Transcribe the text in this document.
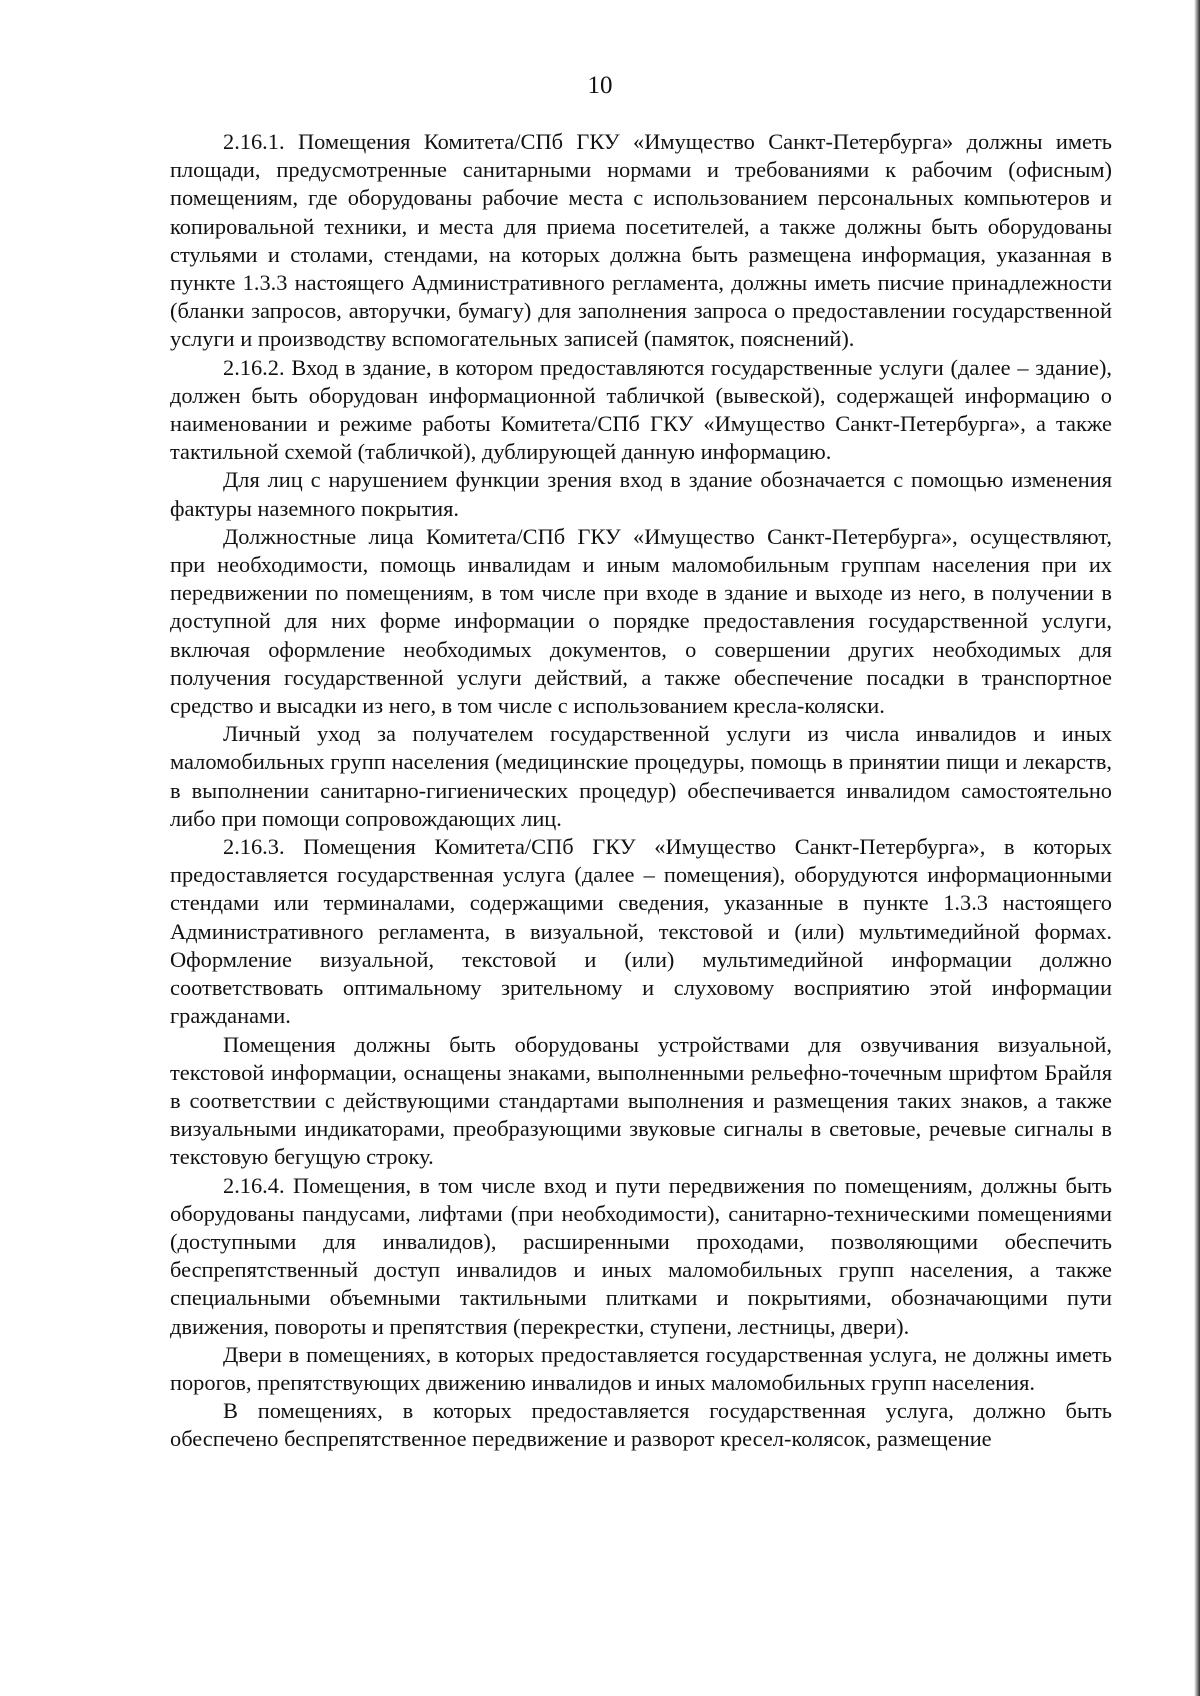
10

2.16.1. Помещения Комитета/СПб ГКУ «Имущество Санкт-Петербурга» должны иметь площади, предусмотренные санитарными нормами и требованиями к рабочим (офисным) помещениям, где оборудованы рабочие места с использованием персональных компьютеров и копировальной техники, и места для приема посетителей, а также должны быть оборудованы стульями и столами, стендами, на которых должна быть размещена информация, указанная в пункте 1.3.3 настоящего Административного регламента, должны иметь писчие принадлежности (бланки запросов, авторучки, бумагу) для заполнения запроса о предоставлении государственной услуги и производству вспомогательных записей (памяток, пояснений).

2.16.2. Вход в здание, в котором предоставляются государственные услуги (далее – здание), должен быть оборудован информационной табличкой (вывеской), содержащей информацию о наименовании и режиме работы Комитета/СПб ГКУ «Имущество Санкт-Петербурга», а также тактильной схемой (табличкой), дублирующей данную информацию.

Для лиц с нарушением функции зрения вход в здание обозначается с помощью изменения фактуры наземного покрытия.

Должностные лица Комитета/СПб ГКУ «Имущество Санкт-Петербурга», осуществляют, при необходимости, помощь инвалидам и иным маломобильным группам населения при их передвижении по помещениям, в том числе при входе в здание и выходе из него, в получении в доступной для них форме информации о порядке предоставления государственной услуги, включая оформление необходимых документов, о совершении других необходимых для получения государственной услуги действий, а также обеспечение посадки в транспортное средство и высадки из него, в том числе с использованием кресла-коляски.

Личный уход за получателем государственной услуги из числа инвалидов и иных маломобильных групп населения (медицинские процедуры, помощь в принятии пищи и лекарств, в выполнении санитарно-гигиенических процедур) обеспечивается инвалидом самостоятельно либо при помощи сопровождающих лиц.

2.16.3. Помещения Комитета/СПб ГКУ «Имущество Санкт-Петербурга», в которых предоставляется государственная услуга (далее – помещения), оборудуются информационными стендами или терминалами, содержащими сведения, указанные в пункте 1.3.3 настоящего Административного регламента, в визуальной, текстовой и (или) мультимедийной формах. Оформление визуальной, текстовой и (или) мультимедийной информации должно соответствовать оптимальному зрительному и слуховому восприятию этой информации гражданами.

Помещения должны быть оборудованы устройствами для озвучивания визуальной, текстовой информации, оснащены знаками, выполненными рельефно-точечным шрифтом Брайля в соответствии с действующими стандартами выполнения и размещения таких знаков, а также визуальными индикаторами, преобразующими звуковые сигналы в световые, речевые сигналы в текстовую бегущую строку.

2.16.4. Помещения, в том числе вход и пути передвижения по помещениям, должны быть оборудованы пандусами, лифтами (при необходимости), санитарно-техническими помещениями (доступными для инвалидов), расширенными проходами, позволяющими обеспечить беспрепятственный доступ инвалидов и иных маломобильных групп населения, а также специальными объемными тактильными плитками и покрытиями, обозначающими пути движения, повороты и препятствия (перекрестки, ступени, лестницы, двери).

Двери в помещениях, в которых предоставляется государственная услуга, не должны иметь порогов, препятствующих движению инвалидов и иных маломобильных групп населения.

В помещениях, в которых предоставляется государственная услуга, должно быть обеспечено беспрепятственное передвижение и разворот кресел-колясок, размещение
